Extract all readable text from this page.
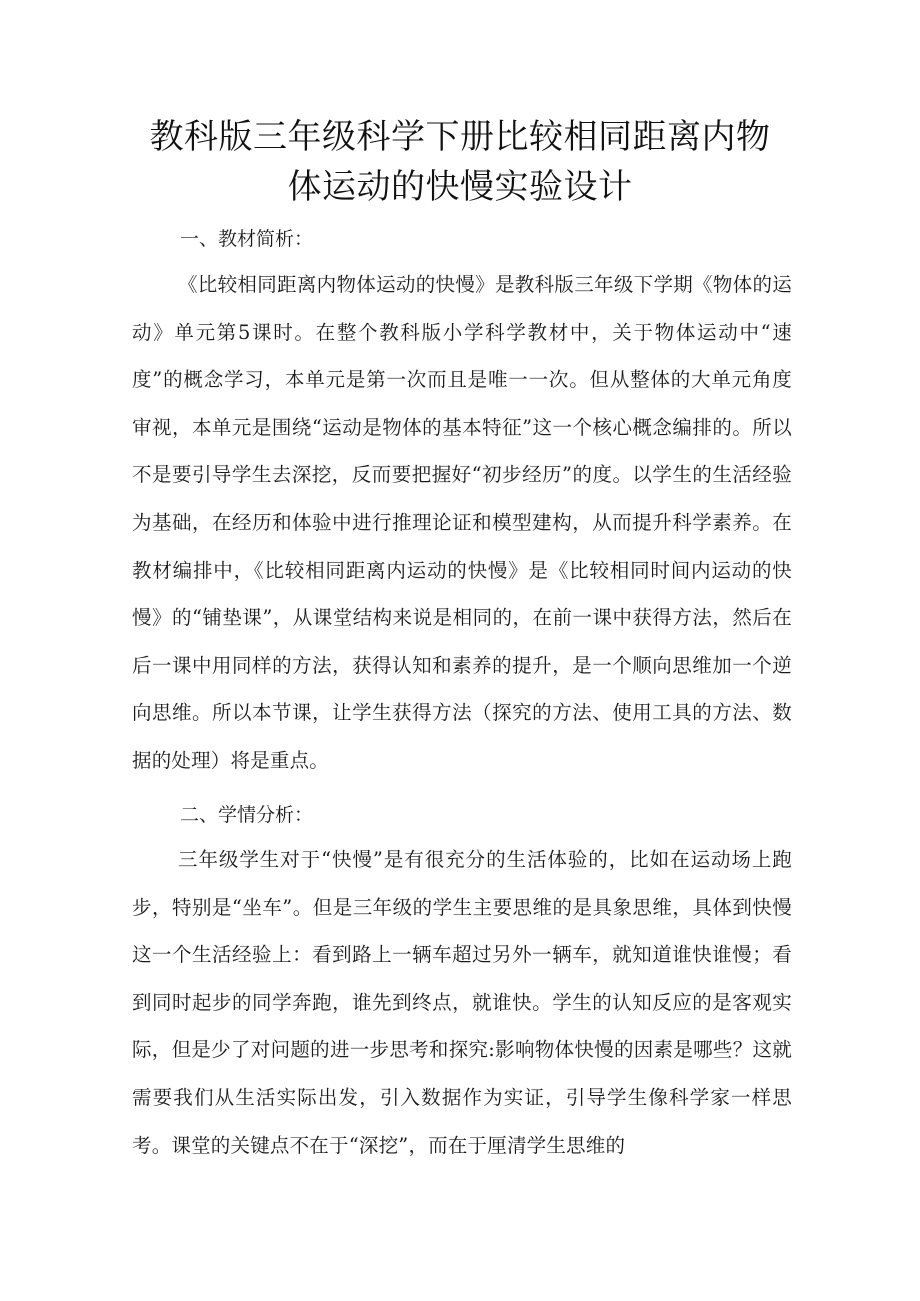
教科版三年级科学下册比较相同距离内物
体运动的快慢实验设计
一、教材简析：

《比较相同距离内物体运动的快慢》是教科版三年级下学期《物体的运动》单元第5课时。在整个教科版小学科学教材中，关于物体运动中“速度”的概念学习，本单元是第一次而且是唯一一次。但从整体的大单元角度审视，本单元是围绕“运动是物体的基本特征”这一个核心概念编排的。所以不是要引导学生去深挖，反而要把握好“初步经历”的度。以学生的生活经验为基础，在经历和体验中进行推理论证和模型建构，从而提升科学素养。在教材编排中，《比较相同距离内运动的快慢》是《比较相同时间内运动的快慢》的“铺垫课”，从课堂结构来说是相同的，在前一课中获得方法，然后在后一课中用同样的方法，获得认知和素养的提升，是一个顺向思维加一个逆向思维。所以本节课，让学生获得方法（探究的方法、使用工具的方法、数据的处理）将是重点。

二、学情分析：

三年级学生对于“快慢”是有很充分的生活体验的，比如在运动场上跑步，特别是“坐车”。但是三年级的学生主要思维的是具象思维，具体到快慢这一个生活经验上：看到路上一辆车超过另外一辆车，就知道谁快谁慢；看到同时起步的同学奔跑，谁先到终点，就谁快。学生的认知反应的是客观实际，但是少了对问题的进一步思考和探究:影响物体快慢的因素是哪些？这就需要我们从生活实际出发，引入数据作为实证，引导学生像科学家一样思考。课堂的关键点不在于“深挖”，而在于厘清学生思维的
